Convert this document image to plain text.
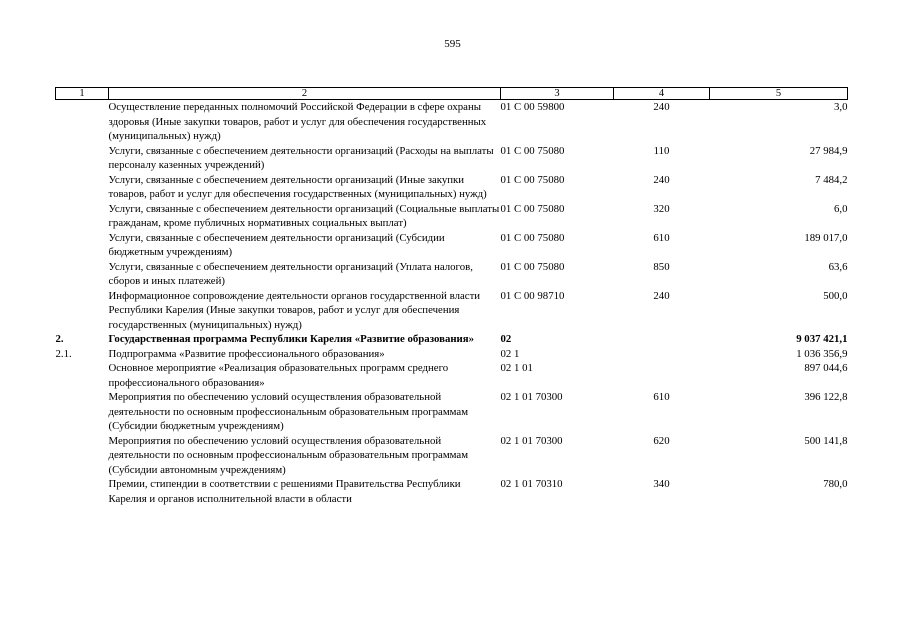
595
1	2	3	4	5
	Осуществление переданных полномочий Российской Федерации в сфере охраны здоровья (Иные закупки товаров, работ и услуг для обеспечения государственных (муниципальных) нужд)	01 С 00 59800	240	3,0
	Услуги, связанные с обеспечением деятельности организаций (Расходы на выплаты персоналу казенных учреждений)	01 С 00 75080	110	27 984,9
	Услуги, связанные с обеспечением деятельности организаций (Иные закупки товаров, работ и услуг для обеспечения государственных (муниципальных) нужд)	01 С 00 75080	240	7 484,2
	Услуги, связанные с обеспечением деятельности организаций (Социальные выплаты гражданам, кроме публичных нормативных социальных выплат)	01 С 00 75080	320	6,0
	Услуги, связанные с обеспечением деятельности организаций (Субсидии бюджетным учреждениям)	01 С 00 75080	610	189 017,0
	Услуги, связанные с обеспечением деятельности организаций (Уплата налогов, сборов и иных платежей)	01 С 00 75080	850	63,6
	Информационное сопровождение деятельности органов государственной власти Республики Карелия (Иные закупки товаров, работ и услуг для обеспечения государственных (муниципальных) нужд)	01 С 00 98710	240	500,0
2.	Государственная программа Республики Карелия «Развитие образования»	02		9 037 421,1
2.1.	Подпрограмма «Развитие профессионального образования»	02 1		1 036 356,9
	Основное мероприятие «Реализация образовательных программ среднего профессионального образования»	02 1 01		897 044,6
	Мероприятия по обеспечению условий осуществления образовательной деятельности по основным профессиональным образовательным программам (Субсидии бюджетным учреждениям)	02 1 01 70300	610	396 122,8
	Мероприятия по обеспечению условий осуществления образовательной деятельности по основным профессиональным образовательным программам (Субсидии автономным учреждениям)	02 1 01 70300	620	500 141,8
	Премии, стипендии в соответствии с решениями Правительства Республики Карелия и органов исполнительной власти в области	02 1 01 70310	340	780,0
